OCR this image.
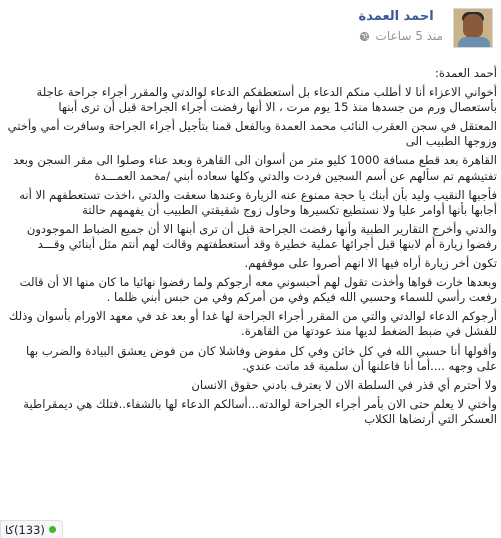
احمد العمدة
منذ 5 ساعات

أحمد العمدة:

أخواني الاعزاء أنا لا أطلب منكم الدعاء بل أستعطفكم الدعاء لوالدتي والمقرر أجراء جراحة عاجلة بأستعصال ورم من جسدها منذ 15 يوم مرت ، الا أنها رفضت أجراء الجراحة قبل أن ترى أبنها

المعتقل في سجن العقرب النائب محمد العمدة وبالفعل قمنا بتأجيل أجراء الجراحة وسافرت أمي وأختي وزوجها الطبيب الى

القاهرة بعد قطع مسافة 1000 كليو متر من أسوان الى القاهرة وبعد عناء وصلوا الى مقر السجن وبعد تفتيشهم تم سألهم عن أسم السجين فردت والدتي وكلها سعاده أبني /محمد العمـــدة

فأجبها النقيب وليد بأن أبنك يا حجة ممنوع عنه الزيارة وعندها سعقت والدتي ،اخذت تستعطفهم الا أنه أجابها بأنها أوامر عليا ولا نستطيع تكسيرها وحاول زوج شقيقتي الطبيب أن يفهمهم حالتة

والدتي وأخرج التقارير الطبية وأنها رفضت الجراحة قبل أن ترى أبنها الا أن جميع الضباط الموجودون رفضوا زيارة أم لابنها قبل أجرائها عملية خطيرة وقد أستعطفتهم وقالت لهم أنتم مثل أبنائي وقـــد

تكون أخر زيارة أراه فيها الا انهم أصروا على موقفهم.

وبعدها خارت قواها وأخذت تقول لهم أحبسوني معه أرجوكم ولما رفضوا نهائيا ما كان منها الا أن قالت رفعت رأسي للسماء وحسبي الله فيكم وفي من أمركم وفي من حبس أبني ظلما .

أرجوكم الدعاء لوالدتي والتي من المقرر أجراء الجراحة لها غدا أو بعد غد في معهد الاورام بأسوان وذلك للفشل في ضبط الضغط لديها منذ عودتها من القاهرة.

وأقولها أنا حسبي الله في كل خائن وفي كل مفوض وفاشلا كان من فوض يعشق البيادة والضرب بها على وجهه ....أما أنا فاعلنها أن سلمية قد ماتت عندي.

ولا أحترم أي قذر في السلطة الان لا يعترف بادني حقوق الانسان

وأختي لا يعلم حتى الان بأمر أجراء الجراحة لوالدته...أسالكم الدعاء لها بالشفاء..فتلك هي ديمقراطية العسكر التي أرتضاها الكلاب

كا (133)
